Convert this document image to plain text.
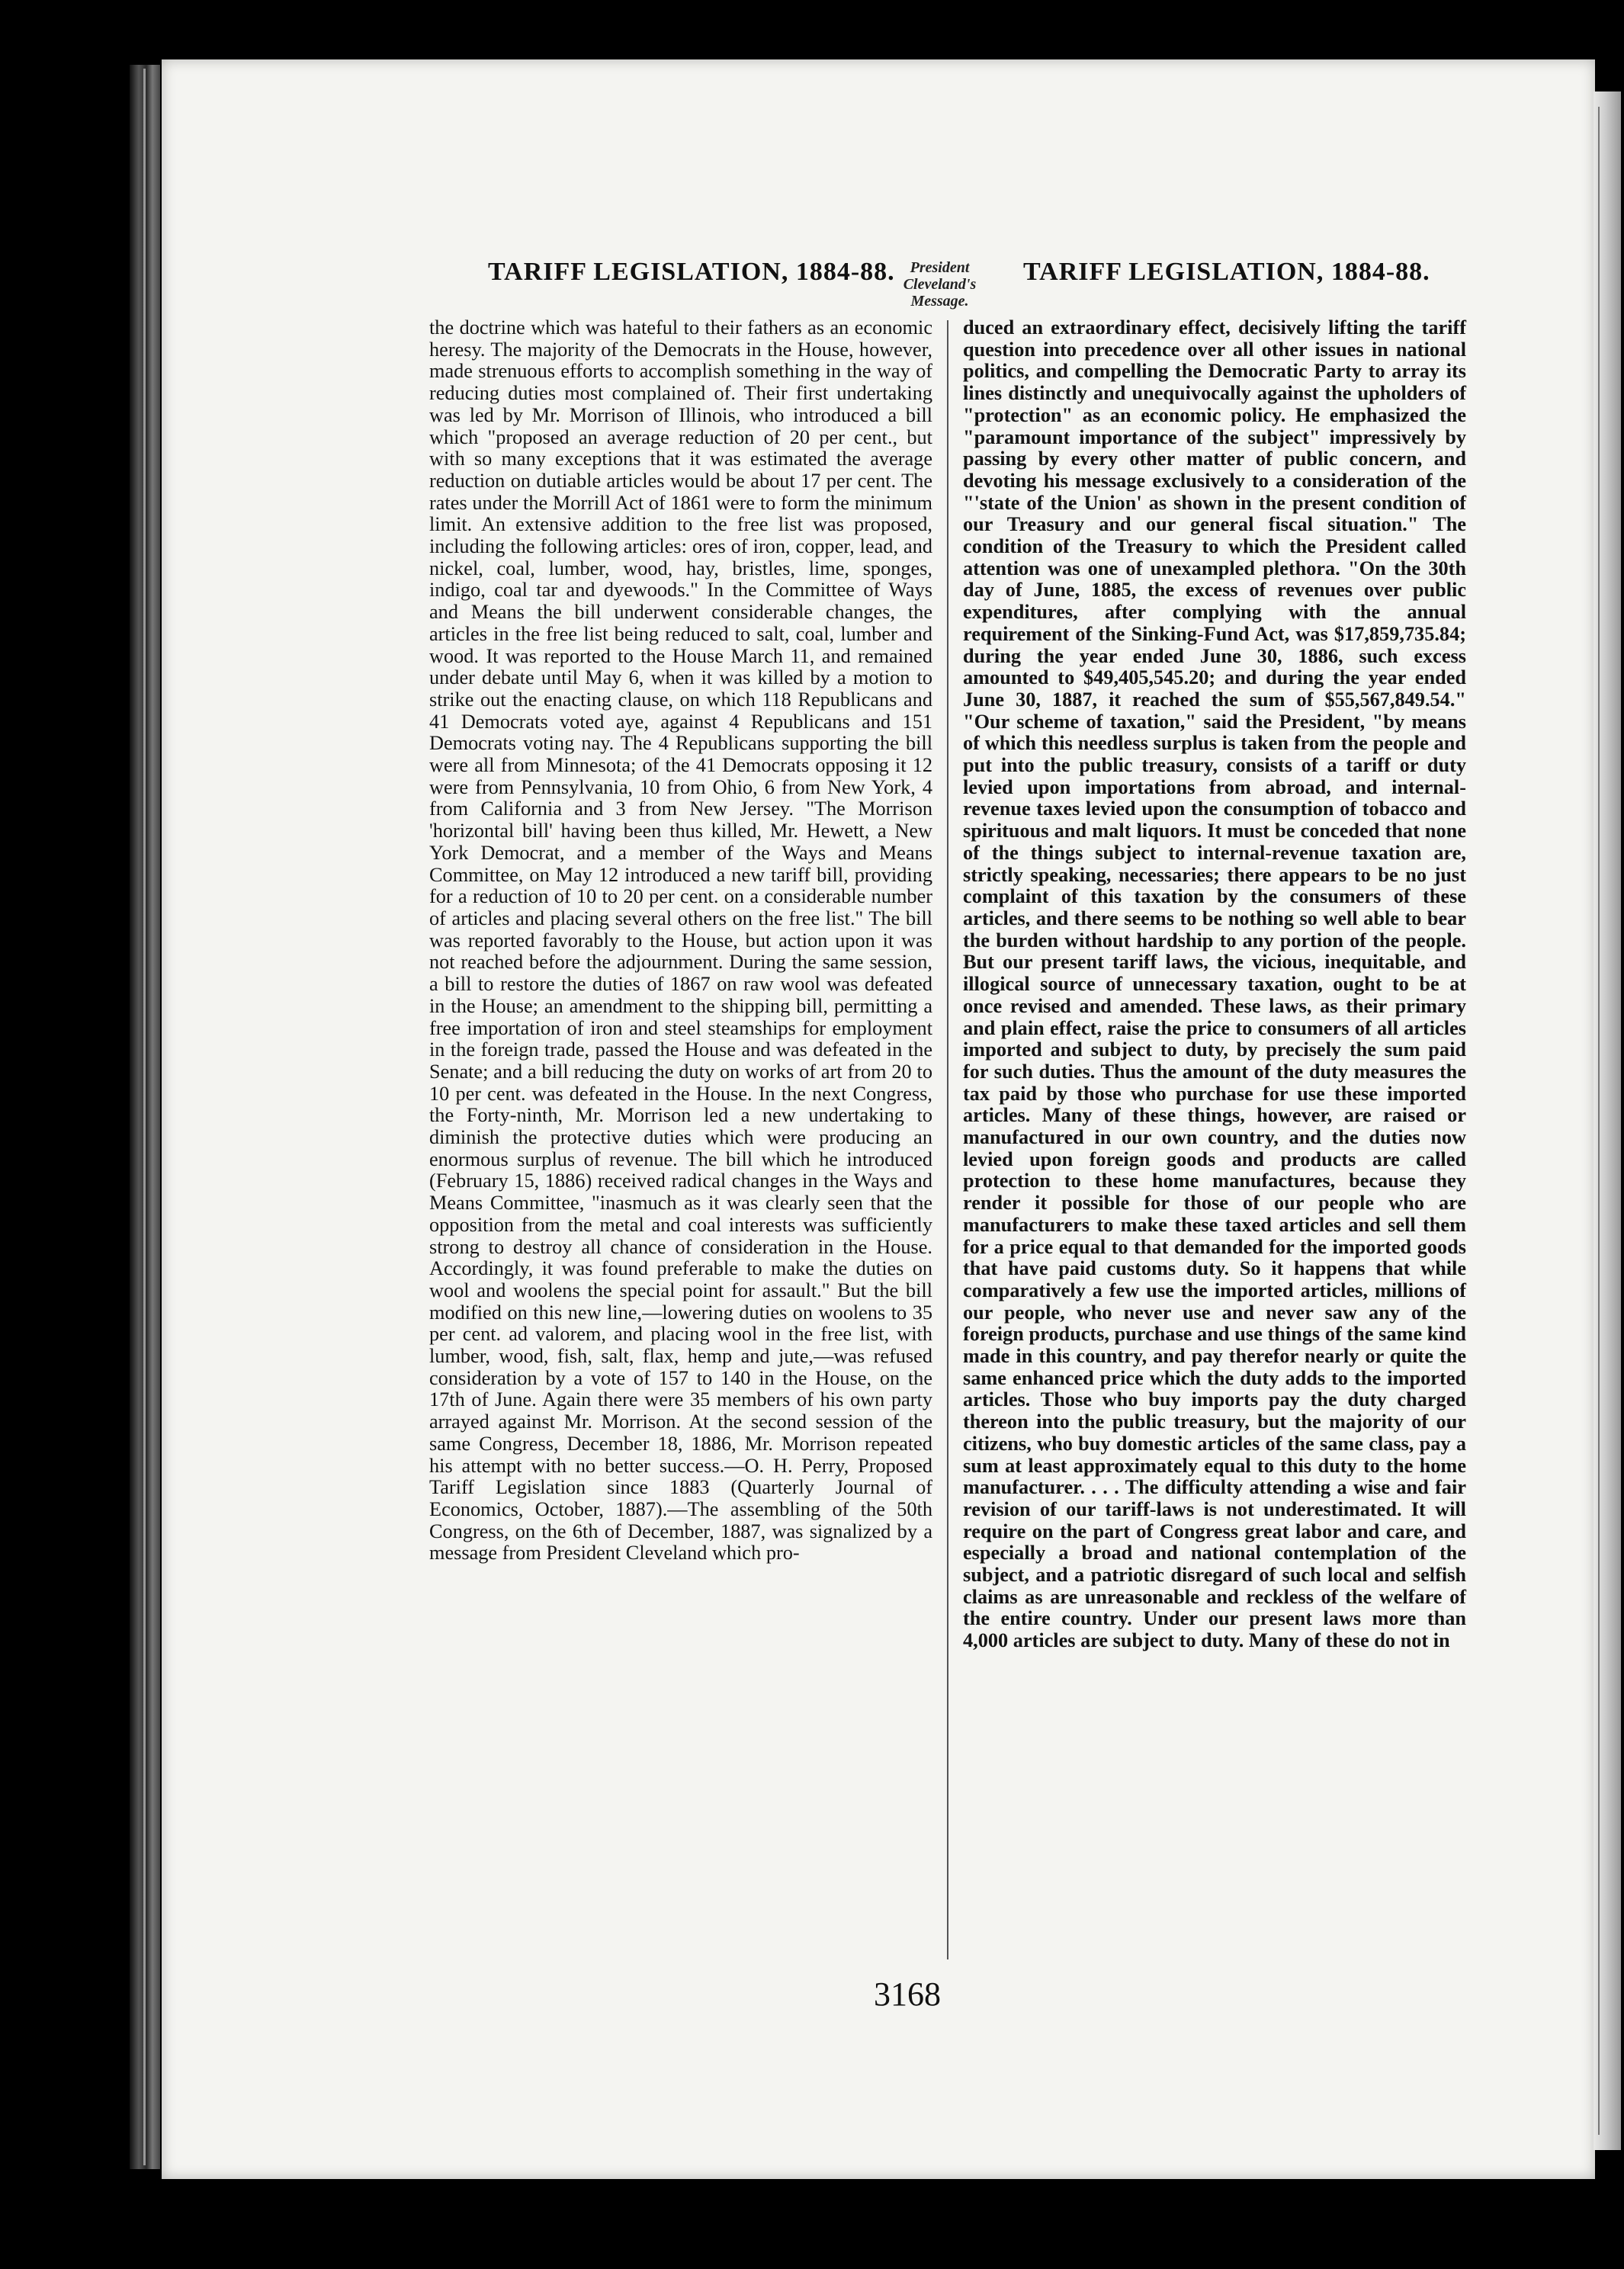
TARIFF LEGISLATION, 1884-88. President Cleveland's Message.
TARIFF LEGISLATION, 1884-88.

the doctrine which was hateful to their fathers as an economic heresy. The majority of the Democrats in the House, however, made strenuous efforts to accomplish something in the way of reducing duties most complained of. Their first undertaking was led by Mr. Morrison of Illinois, who introduced a bill which "proposed an average reduction of 20 per cent., but with so many exceptions that it was estimated the average reduction on dutiable articles would be about 17 per cent. The rates under the Morrill Act of 1861 were to form the minimum limit. An extensive addition to the free list was proposed, including the following articles: ores of iron, copper, lead, and nickel, coal, lumber, wood, hay, bristles, lime, sponges, indigo, coal tar and dyewoods." In the Committee of Ways and Means the bill underwent considerable changes, the articles in the free list being reduced to salt, coal, lumber and wood. It was reported to the House March 11, and remained under debate until May 6, when it was killed by a motion to strike out the enacting clause, on which 118 Republicans and 41 Democrats voted aye, against 4 Republicans and 151 Democrats voting nay. The 4 Republicans supporting the bill were all from Minnesota; of the 41 Democrats opposing it 12 were from Pennsylvania, 10 from Ohio, 6 from New York, 4 from California and 3 from New Jersey. "The Morrison 'horizontal bill' having been thus killed, Mr. Hewett, a New York Democrat, and a member of the Ways and Means Committee, on May 12 introduced a new tariff bill, providing for a reduction of 10 to 20 per cent. on a considerable number of articles and placing several others on the free list." The bill was reported favorably to the House, but action upon it was not reached before the adjournment. During the same session, a bill to restore the duties of 1867 on raw wool was defeated in the House; an amendment to the shipping bill, permitting a free importation of iron and steel steamships for employment in the foreign trade, passed the House and was defeated in the Senate; and a bill reducing the duty on works of art from 20 to 10 per cent. was defeated in the House. In the next Congress, the Forty-ninth, Mr. Morrison led a new undertaking to diminish the protective duties which were producing an enormous surplus of revenue. The bill which he introduced (February 15, 1886) received radical changes in the Ways and Means Committee, "inasmuch as it was clearly seen that the opposition from the metal and coal interests was sufficiently strong to destroy all chance of consideration in the House. Accordingly, it was found preferable to make the duties on wool and woolens the special point for assault." But the bill modified on this new line,—lowering duties on woolens to 35 per cent. ad valorem, and placing wool in the free list, with lumber, wood, fish, salt, flax, hemp and jute,—was refused consideration by a vote of 157 to 140 in the House, on the 17th of June. Again there were 35 members of his own party arrayed against Mr. Morrison. At the second session of the same Congress, December 18, 1886, Mr. Morrison repeated his attempt with no better success.—O. H. Perry, Proposed Tariff Legislation since 1883 (Quarterly Journal of Economics, October, 1887).—The assembling of the 50th Congress, on the 6th of December, 1887, was signalized by a message from President Cleveland which pro-

duced an extraordinary effect, decisively lifting the tariff question into precedence over all other issues in national politics, and compelling the Democratic Party to array its lines distinctly and unequivocally against the upholders of "protection" as an economic policy. He emphasized the "paramount importance of the subject" impressively by passing by every other matter of public concern, and devoting his message exclusively to a consideration of the "'state of the Union' as shown in the present condition of our Treasury and our general fiscal situation." The condition of the Treasury to which the President called attention was one of unexampled plethora. "On the 30th day of June, 1885, the excess of revenues over public expenditures, after complying with the annual requirement of the Sinking-Fund Act, was $17,859,735.84; during the year ended June 30, 1886, such excess amounted to $49,405,545.20; and during the year ended June 30, 1887, it reached the sum of $55,567,849.54." "Our scheme of taxation," said the President, "by means of which this needless surplus is taken from the people and put into the public treasury, consists of a tariff or duty levied upon importations from abroad, and internal-revenue taxes levied upon the consumption of tobacco and spirituous and malt liquors. It must be conceded that none of the things subject to internal-revenue taxation are, strictly speaking, necessaries; there appears to be no just complaint of this taxation by the consumers of these articles, and there seems to be nothing so well able to bear the burden without hardship to any portion of the people. But our present tariff laws, the vicious, inequitable, and illogical source of unnecessary taxation, ought to be at once revised and amended. These laws, as their primary and plain effect, raise the price to consumers of all articles imported and subject to duty, by precisely the sum paid for such duties. Thus the amount of the duty measures the tax paid by those who purchase for use these imported articles. Many of these things, however, are raised or manufactured in our own country, and the duties now levied upon foreign goods and products are called protection to these home manufactures, because they render it possible for those of our people who are manufacturers to make these taxed articles and sell them for a price equal to that demanded for the imported goods that have paid customs duty. So it happens that while comparatively a few use the imported articles, millions of our people, who never use and never saw any of the foreign products, purchase and use things of the same kind made in this country, and pay therefor nearly or quite the same enhanced price which the duty adds to the imported articles. Those who buy imports pay the duty charged thereon into the public treasury, but the majority of our citizens, who buy domestic articles of the same class, pay a sum at least approximately equal to this duty to the home manufacturer. . . . The difficulty attending a wise and fair revision of our tariff-laws is not underestimated. It will require on the part of Congress great labor and care, and especially a broad and national contemplation of the subject, and a patriotic disregard of such local and selfish claims as are unreasonable and reckless of the welfare of the entire country. Under our present laws more than 4,000 articles are subject to duty. Many of these do not in

3168
